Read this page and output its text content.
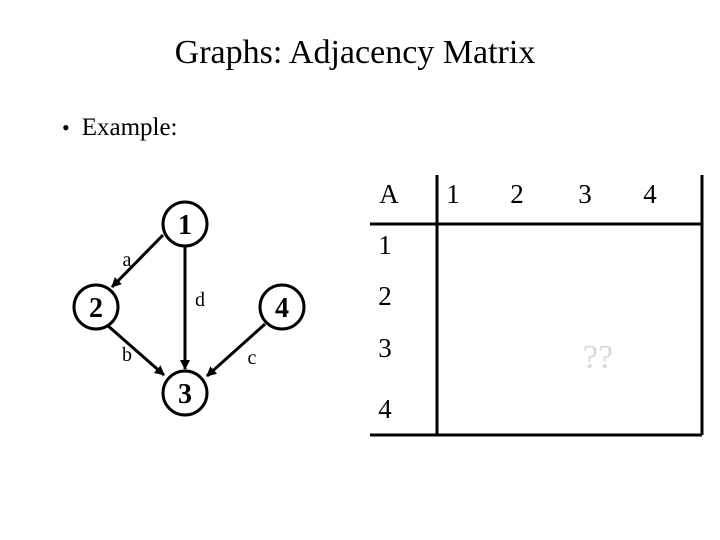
Graphs: Adjacency Matrix
• Example:
a
d
b	c
1
2
3
4
A 1 2 3 4
1
2
3
4
??
